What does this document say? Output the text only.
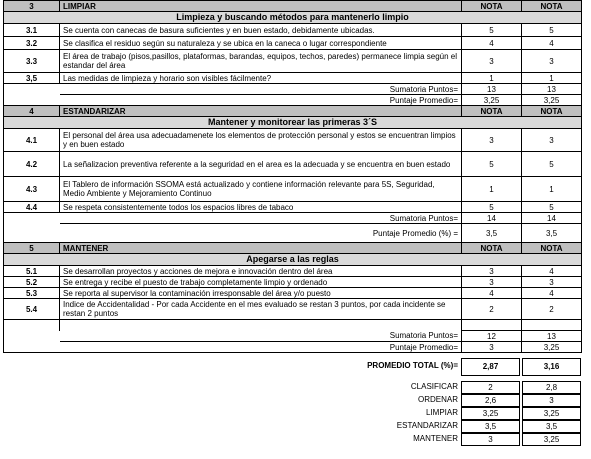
3	LIMPIAR	NOTA	NOTA
Limpieza y buscando métodos para mantenerlo limpio			
3.1	Se cuenta con canecas de basura suficientes y en buen estado, debidamente ubicadas.	5	5
3.2	Se clasifica el residuo según su naturaleza y se ubica en la caneca o lugar correspondiente	4	4
3.3	El área de trabajo (pisos,pasillos, plataformas, barandas, equipos, techos, paredes) permanece limpia según el estandar del área	3	3
3,5	Las medidas de limpieza y horario son visibles fácilmente?	1	1
	Sumatoria Puntos=	13	13
	Puntaje Promedio=	3,25	3,25
4	ESTANDARIZAR	NOTA	NOTA
Mantener y monitorear las primeras 3´S			
4.1	El personal del área usa adecuadamenete los elementos de protección personal y estos se encuentran limpios y en buen estado	3	3
4.2	La señalizacion preventiva referente a la seguridad en el area es la adecuada y se encuentra en buen estado	5	5
4.3	El Tablero de información SSOMA está actualizado y contiene información relevante para 5S, Seguridad, Medio Ambiente y Mejoramiento Continuo	1	1
4.4	Se respeta consistentemente todos los espacios libres de tabaco	5	5
	Sumatoria Puntos=	14	14
	Puntaje Promedio (%) =	3,5	3,5
5	MANTENER	NOTA	NOTA
Apegarse a las reglas			
5.1	Se desarrollan proyectos y acciones de mejora e innovación dentro del área	3	4
5.2	Se entrega y recibe el puesto de trabajo completamente limpio y ordenado	3	3
5.3	Se reporta al supervisor la contaminación irresponsable del área y/o puesto	4	4
5.4	Indice de Accidentalidad - Por cada Accidente en el mes evaluado se restan 3 puntos, por cada incidente se restan 2 puntos	2	2

	Sumatoria Puntos=	12	13
	Puntaje Promedio=	3	3,25
PROMEDIO TOTAL (%)=	2,87	3,16
CLASIFICAR	2	2,8
ORDENAR	2,6	3
LIMPIAR	3,25	3,25
ESTANDARIZAR	3,5	3,5
MANTENER	3	3,25
